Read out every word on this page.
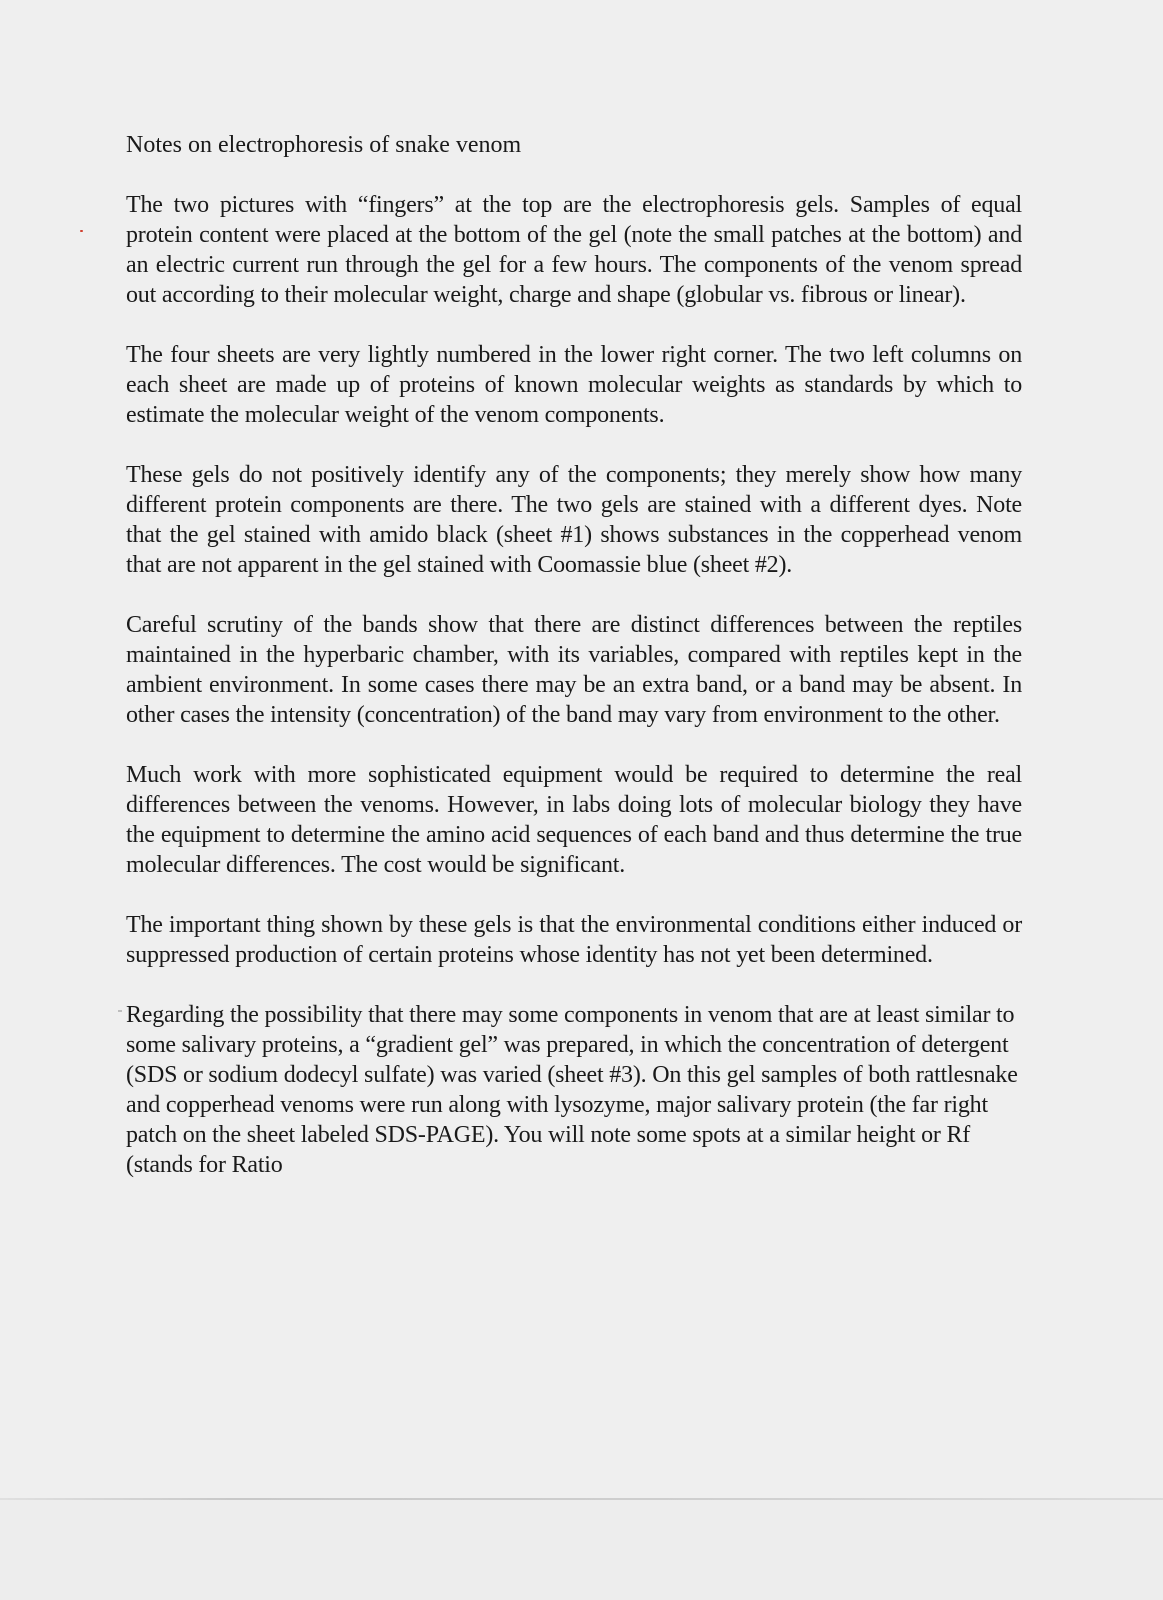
Notes on electrophoresis of snake venom

The two pictures with “fingers” at the top are the electrophoresis gels. Samples of equal protein content were placed at the bottom of the gel (note the small patches at the bottom) and an electric current run through the gel for a few hours. The components of the venom spread out according to their molecular weight, charge and shape (globular vs. fibrous or linear).

The four sheets are very lightly numbered in the lower right corner. The two left columns on each sheet are made up of proteins of known molecular weights as standards by which to estimate the molecular weight of the venom components.

These gels do not positively identify any of the components; they merely show how many different protein components are there. The two gels are stained with a different dyes. Note that the gel stained with amido black (sheet #1) shows substances in the copperhead venom that are not apparent in the gel stained with Coomassie blue (sheet #2).

Careful scrutiny of the bands show that there are distinct differences between the reptiles maintained in the hyperbaric chamber, with its variables, compared with reptiles kept in the ambient environment. In some cases there may be an extra band, or a band may be absent. In other cases the intensity (concentration) of the band may vary from environment to the other.

Much work with more sophisticated equipment would be required to determine the real differences between the venoms. However, in labs doing lots of molecular biology they have the equipment to determine the amino acid sequences of each band and thus determine the true molecular differences. The cost would be significant.

The important thing shown by these gels is that the environmental conditions either induced or suppressed production of certain proteins whose identity has not yet been determined.

Regarding the possibility that there may some components in venom that are at least similar to some salivary proteins, a “gradient gel” was prepared, in which the concentration of detergent (SDS or sodium dodecyl sulfate) was varied (sheet #3). On this gel samples of both rattlesnake and copperhead venoms were run along with lysozyme, major salivary protein (the far right patch on the sheet labeled SDS-PAGE). You will note some spots at a similar height or Rf (stands for Ratio
